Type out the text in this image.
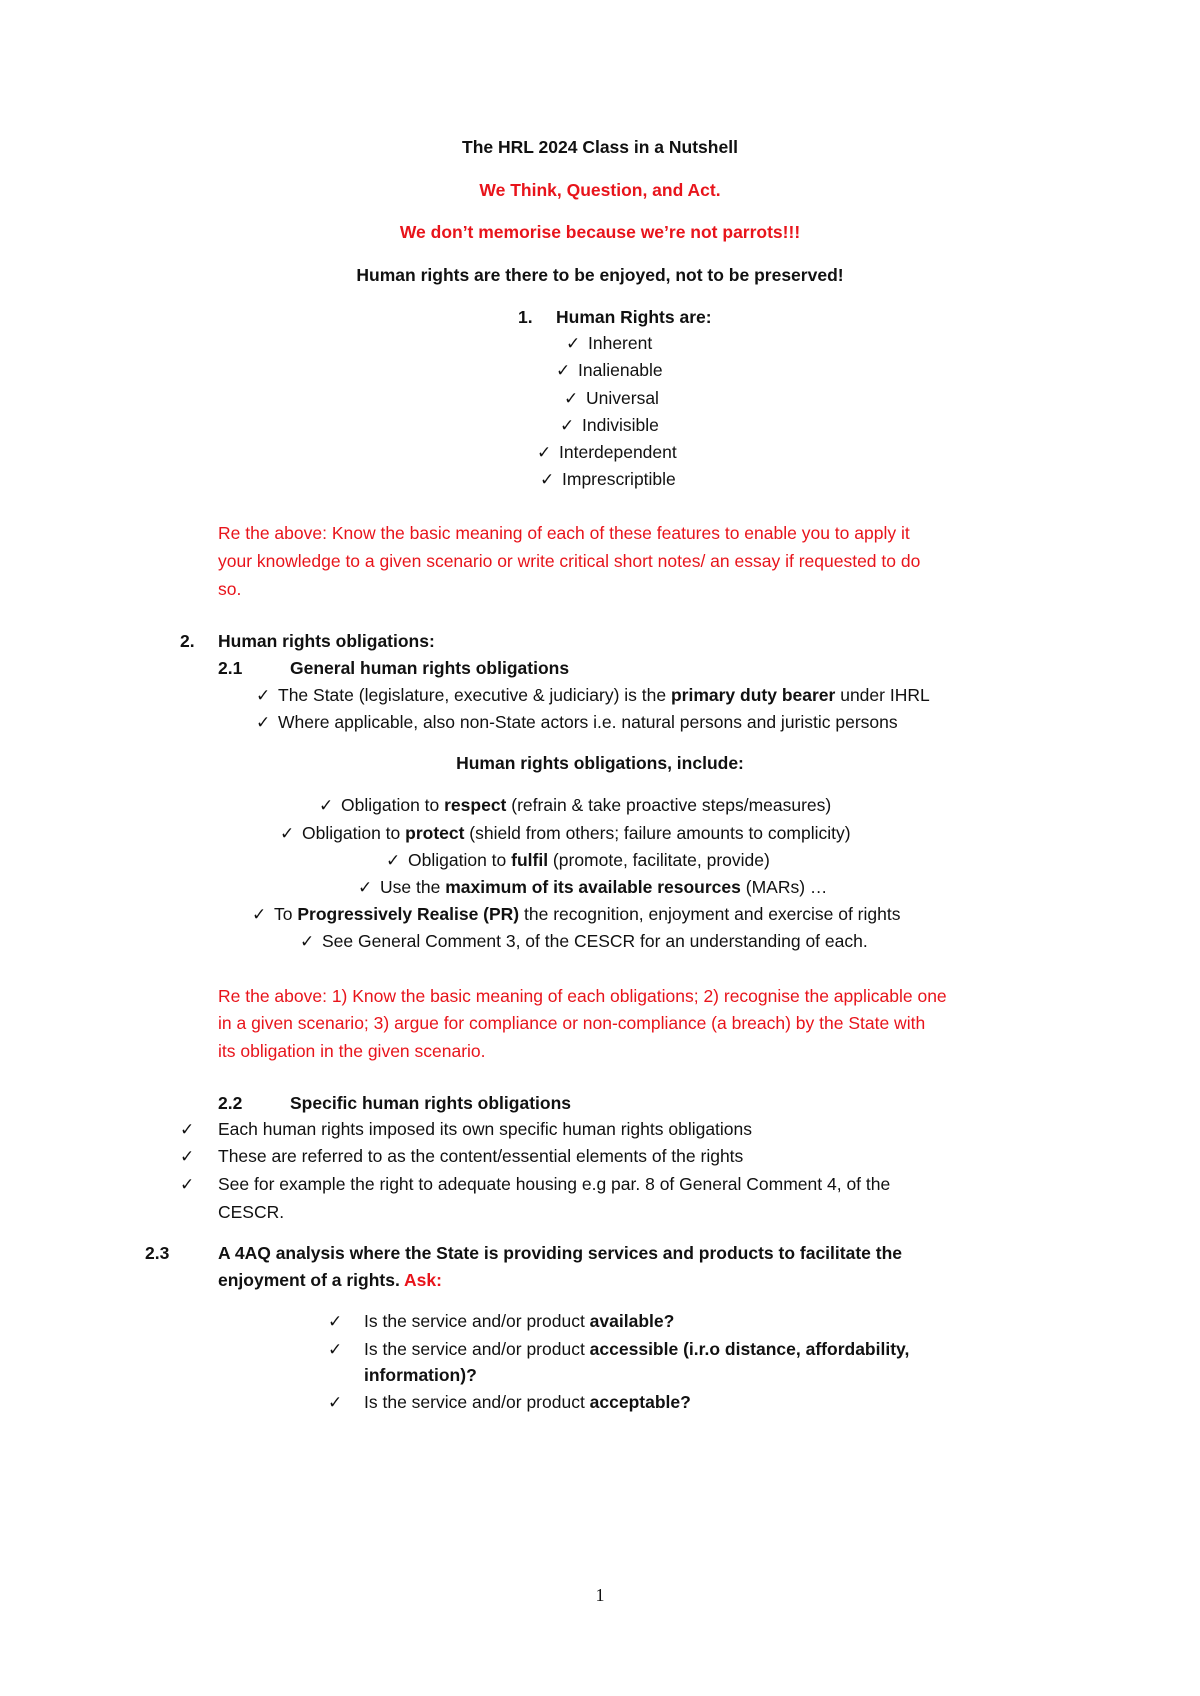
The HRL 2024 Class in a Nutshell
We Think, Question, and Act.
We don’t memorise because we’re not parrots!!!
Human rights are there to be enjoyed, not to be preserved!
1. Human Rights are:
✓ Inherent
✓ Inalienable
✓ Universal
✓ Indivisible
✓ Interdependent
✓ Imprescriptible
Re the above: Know the basic meaning of each of these features to enable you to apply it
your knowledge to a given scenario or write critical short notes/ an essay if requested to do
so.
2. Human rights obligations:
2.1	General human rights obligations
✓ The State (legislature, executive & judiciary) is the primary duty bearer under IHRL
✓ Where applicable, also non-State actors i.e. natural persons and juristic persons
Human rights obligations, include:
✓ Obligation to respect (refrain & take proactive steps/measures)
✓ Obligation to protect (shield from others; failure amounts to complicity)
✓ Obligation to fulfil (promote, facilitate, provide)
✓ Use the maximum of its available resources (MARs) …
✓ To Progressively Realise (PR) the recognition, enjoyment and exercise of rights
✓ See General Comment 3, of the CESCR for an understanding of each.
Re the above: 1) Know the basic meaning of each obligations; 2) recognise the applicable one
in a given scenario; 3) argue for compliance or non-compliance (a breach) by the State with
its obligation in the given scenario.
2.2	Specific human rights obligations
✓ Each human rights imposed its own specific human rights obligations
✓ These are referred to as the content/essential elements of the rights
✓ See for example the right to adequate housing e.g par. 8 of General Comment 4, of the
CESCR.
2.3	A 4AQ analysis where the State is providing services and products to facilitate the
enjoyment of a rights. Ask:
✓ Is the service and/or product available?
✓ Is the service and/or product accessible (i.r.o distance, affordability,
information)?
✓ Is the service and/or product acceptable?
1
